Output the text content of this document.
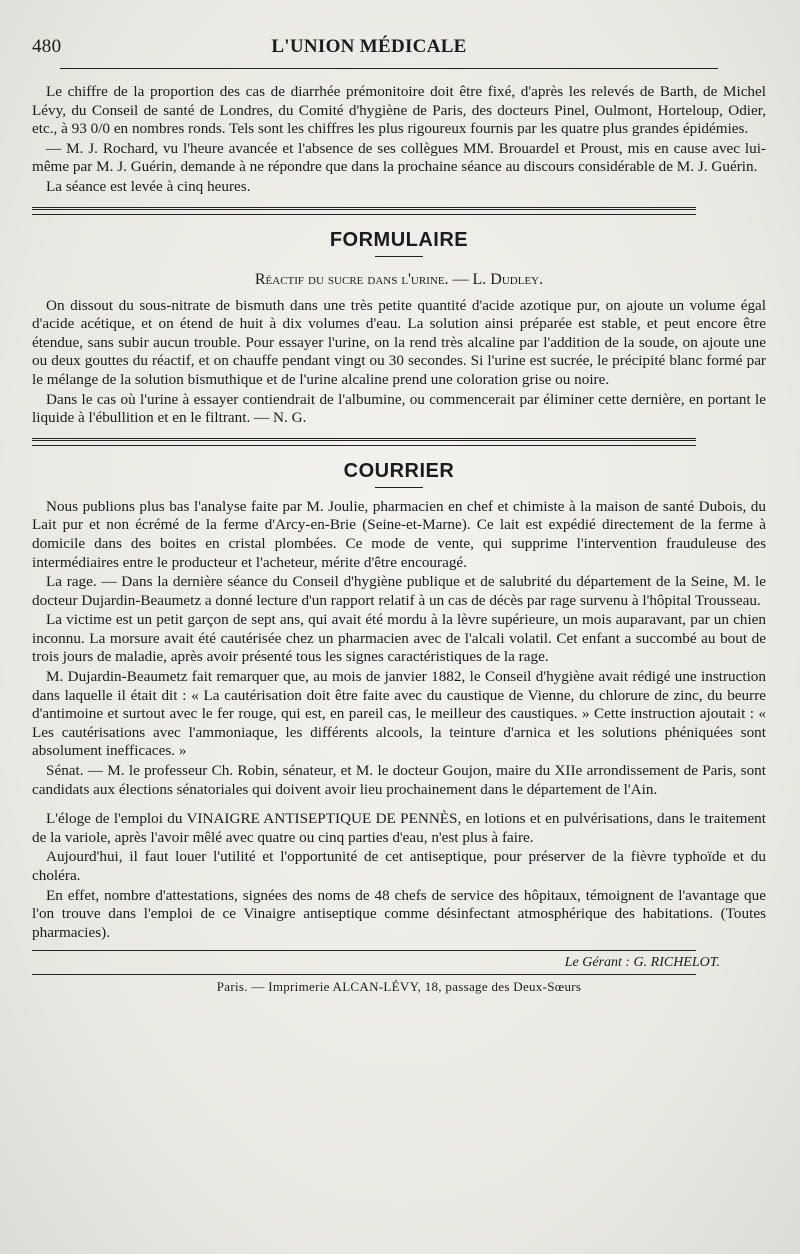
480	L'UNION MÉDICALE

Le chiffre de la proportion des cas de diarrhée prémonitoire doit être fixé, d'après les relevés de Barth, de Michel Lévy, du Conseil de santé de Londres, du Comité d'hygiène de Paris, des docteurs Pinel, Oulmont, Horteloup, Odier, etc., à 93 0/0 en nombres ronds. Tels sont les chiffres les plus rigoureux fournis par les quatre plus grandes épidémies.

— M. J. Rochard, vu l'heure avancée et l'absence de ses collègues MM. Brouardel et Proust, mis en cause avec lui-même par M. J. Guérin, demande à ne répondre que dans la prochaine séance au discours considérable de M. J. Guérin.

La séance est levée à cinq heures.

FORMULAIRE
Réactif du sucre dans l'urine. — L. Dudley.

On dissout du sous-nitrate de bismuth dans une très petite quantité d'acide azotique pur, on ajoute un volume égal d'acide acétique, et on étend de huit à dix volumes d'eau. La solution ainsi préparée est stable, et peut encore être étendue, sans subir aucun trouble. Pour essayer l'urine, on la rend très alcaline par l'addition de la soude, on ajoute une ou deux gouttes du réactif, et on chauffe pendant vingt ou 30 secondes. Si l'urine est sucrée, le précipité blanc formé par le mélange de la solution bismuthique et de l'urine alcaline prend une coloration grise ou noire.

Dans le cas où l'urine à essayer contiendrait de l'albumine, ou commencerait par éliminer cette dernière, en portant le liquide à l'ébullition et en le filtrant. — N. G.

COURRIER

Nous publions plus bas l'analyse faite par M. Joulie, pharmacien en chef et chimiste à la maison de santé Dubois, du Lait pur et non écrémé de la ferme d'Arcy-en-Brie (Seine-et-Marne). Ce lait est expédié directement de la ferme à domicile dans des boites en cristal plombées. Ce mode de vente, qui supprime l'intervention frauduleuse des intermédiaires entre le producteur et l'acheteur, mérite d'être encouragé.

La rage. — Dans la dernière séance du Conseil d'hygiène publique et de salubrité du département de la Seine, M. le docteur Dujardin-Beaumetz a donné lecture d'un rapport relatif à un cas de décès par rage survenu à l'hôpital Trousseau.

La victime est un petit garçon de sept ans, qui avait été mordu à la lèvre supérieure, un mois auparavant, par un chien inconnu. La morsure avait été cautérisée chez un pharmacien avec de l'alcali volatil. Cet enfant a succombé au bout de trois jours de maladie, après avoir présenté tous les signes caractéristiques de la rage.

M. Dujardin-Beaumetz fait remarquer que, au mois de janvier 1882, le Conseil d'hygiène avait rédigé une instruction dans laquelle il était dit : « La cautérisation doit être faite avec du caustique de Vienne, du chlorure de zinc, du beurre d'antimoine et surtout avec le fer rouge, qui est, en pareil cas, le meilleur des caustiques. » Cette instruction ajoutait : « Les cautérisations avec l'ammoniaque, les différents alcools, la teinture d'arnica et les solutions phéniquées sont absolument inefficaces. »

Sénat. — M. le professeur Ch. Robin, sénateur, et M. le docteur Goujon, maire du XIIe arrondissement de Paris, sont candidats aux élections sénatoriales qui doivent avoir lieu prochainement dans le département de l'Ain.

L'éloge de l'emploi du VINAIGRE ANTISEPTIQUE DE PENNÈS, en lotions et en pulvérisations, dans le traitement de la variole, après l'avoir mêlé avec quatre ou cinq parties d'eau, n'est plus à faire.

Aujourd'hui, il faut louer l'utilité et l'opportunité de cet antiseptique, pour préserver de la fièvre typhoïde et du choléra.

En effet, nombre d'attestations, signées des noms de 48 chefs de service des hôpitaux, témoignent de l'avantage que l'on trouve dans l'emploi de ce Vinaigre antiseptique comme désinfectant atmosphérique des habitations. (Toutes pharmacies).

Le Gérant : G. RICHELOT.
Paris. — Imprimerie ALCAN-LÉVY, 18, passage des Deux-Sœurs
